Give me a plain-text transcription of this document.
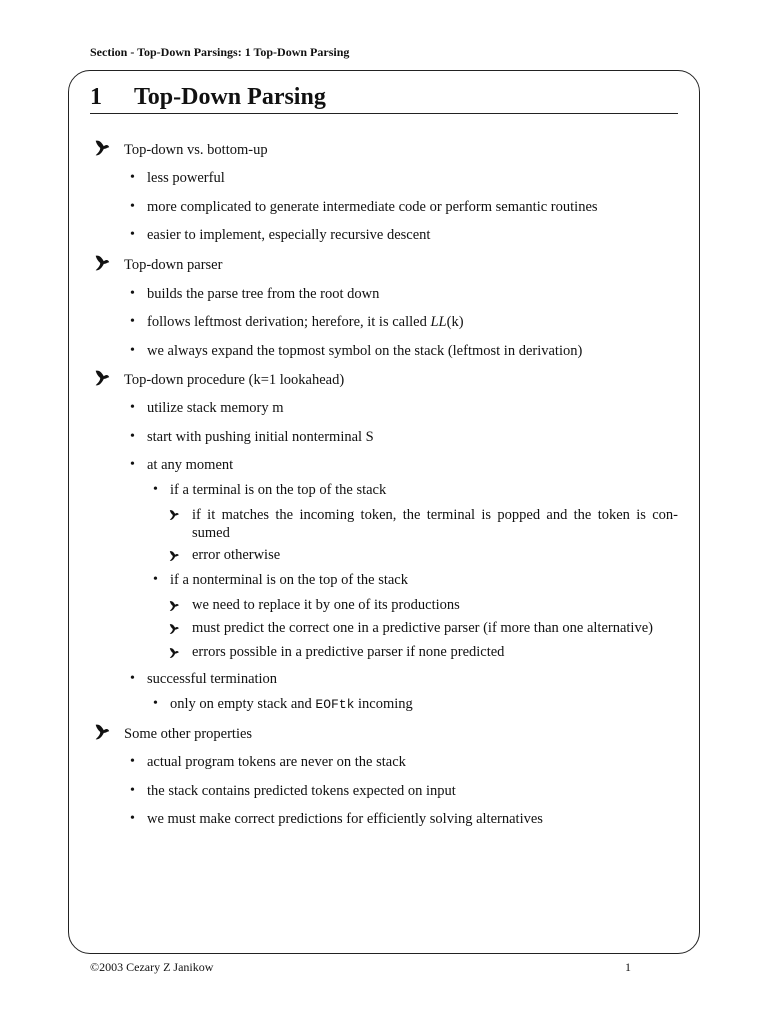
Section - Top-Down Parsings: 1 Top-Down Parsing
1 Top-Down Parsing
Top-down vs. bottom-up
• less powerful
• more complicated to generate intermediate code or perform semantic routines
• easier to implement, especially recursive descent
Top-down parser
• builds the parse tree from the root down
• follows leftmost derivation; herefore, it is called LL(k)
• we always expand the topmost symbol on the stack (leftmost in derivation)
Top-down procedure (k=1 lookahead)
• utilize stack memory m
• start with pushing initial nonterminal S
• at any moment
• if a terminal is on the top of the stack
if it matches the incoming token, the terminal is popped and the token is con-sumed
error otherwise
• if a nonterminal is on the top of the stack
we need to replace it by one of its productions
must predict the correct one in a predictive parser (if more than one alternative)
errors possible in a predictive parser if none predicted
• successful termination
• only on empty stack and EOFtk incoming
Some other properties
• actual program tokens are never on the stack
• the stack contains predicted tokens expected on input
• we must make correct predictions for efficiently solving alternatives
©2003 Cezary Z Janikow	1
